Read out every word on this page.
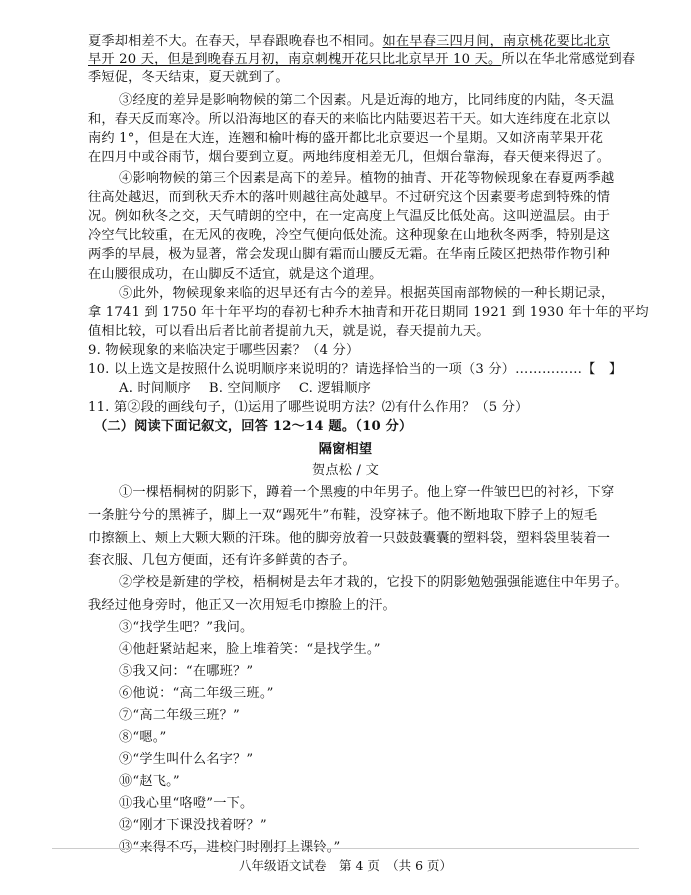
夏季却相差不大。在春天，早春跟晚春也不相同。如在早春三四月间，南京桃花要比北京
早开 20 天，但是到晚春五月初，南京刺槐开花只比北京早开 10 天。所以在华北常感觉到春
季短促，冬天结束，夏天就到了。
③经度的差异是影响物候的第二个因素。凡是近海的地方，比同纬度的内陆，冬天温
和，春天反而寒冷。所以沿海地区的春天的来临比内陆要迟若干天。如大连纬度在北京以
南约 1°，但是在大连，连翘和榆叶梅的盛开都比北京要迟一个星期。又如济南苹果开花
在四月中或谷雨节，烟台要到立夏。两地纬度相差无几，但烟台靠海，春天便来得迟了。
④影响物候的第三个因素是高下的差异。植物的抽青、开花等物候现象在春夏两季越
往高处越迟，而到秋天乔木的落叶则越往高处越早。不过研究这个因素要考虑到特殊的情
况。例如秋冬之交，天气晴朗的空中，在一定高度上气温反比低处高。这叫逆温层。由于
冷空气比较重，在无风的夜晚，冷空气便向低处流。这种现象在山地秋冬两季，特别是这
两季的早晨，极为显著，常会发现山脚有霜而山腰反无霜。在华南丘陵区把热带作物引种
在山腰很成功，在山脚反不适宜，就是这个道理。
⑤此外，物候现象来临的迟早还有古今的差异。根据英国南部物候的一种长期记录，
拿 1741 到 1750 年十年平均的春初七种乔木抽青和开花日期同 1921 到 1930 年十年的平均
值相比较，可以看出后者比前者提前九天，就是说，春天提前九天。
9. 物候现象的来临决定于哪些因素？（4 分）
10. 以上选文是按照什么说明顺序来说明的？请选择恰当的一项（3 分）……………【　】
A. 时间顺序　 B. 空间顺序　 C. 逻辑顺序
11. 第②段的画线句子，⑴运用了哪些说明方法？⑵有什么作用？（5 分）
（二）阅读下面记叙文，回答 12～14 题。（10 分）
隔窗相望
贺点松 / 文
①一棵梧桐树的阴影下，蹲着一个黑瘦的中年男子。他上穿一件皱巴巴的衬衫，下穿
一条脏兮兮的黑裤子，脚上一双“踢死牛”布鞋，没穿袜子。他不断地取下脖子上的短毛
巾擦额上、颊上大颗大颗的汗珠。他的脚旁放着一只鼓鼓囊囊的塑料袋，塑料袋里装着一
套衣服、几包方便面，还有许多鲜黄的杏子。
②学校是新建的学校，梧桐树是去年才栽的，它投下的阴影勉勉强强能遮住中年男子。
我经过他身旁时，他正又一次用短毛巾擦脸上的汗。
③“找学生吧？”我问。
④他赶紧站起来，脸上堆着笑：“是找学生。”
⑤我又问：“在哪班？”
⑥他说：“高二年级三班。”
⑦“高二年级三班？”
⑧“嗯。”
⑨“学生叫什么名字？”
⑩“赵飞。”
⑪我心里“咯噔”一下。
⑫“刚才下课没找着呀？”
⑬“来得不巧，进校门时刚打上课铃。”
八年级语文试卷　第 4 页　（共 6 页）
